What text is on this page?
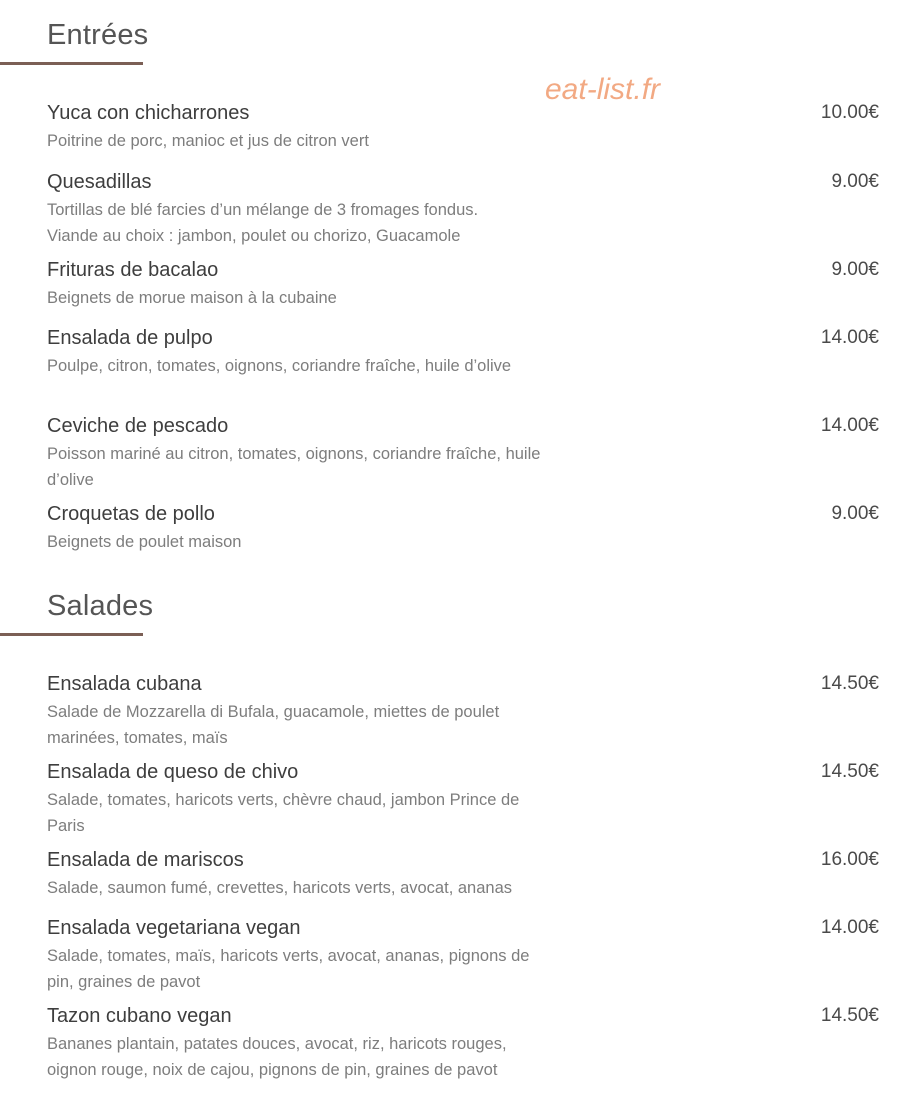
eat-list.fr
Entrées
Yuca con chicharrones	10.00€
Poitrine de porc, manioc et jus de citron vert
Quesadillas	9.00€
Tortillas de blé farcies d’un mélange de 3 fromages fondus. Viande au choix : jambon, poulet ou chorizo, Guacamole
Frituras de bacalao	9.00€
Beignets de morue maison à la cubaine
Ensalada de pulpo	14.00€
Poulpe, citron, tomates, oignons, coriandre fraîche, huile d’olive
Ceviche de pescado	14.00€
Poisson mariné au citron, tomates, oignons, coriandre fraîche, huile d’olive
Croquetas de pollo	9.00€
Beignets de poulet maison
Salades
Ensalada cubana	14.50€
Salade de Mozzarella di Bufala, guacamole, miettes de poulet marinées, tomates, maïs
Ensalada de queso de chivo	14.50€
Salade, tomates, haricots verts, chèvre chaud, jambon Prince de Paris
Ensalada de mariscos	16.00€
Salade, saumon fumé, crevettes, haricots verts, avocat, ananas
Ensalada vegetariana vegan	14.00€
Salade, tomates, maïs, haricots verts, avocat, ananas, pignons de pin, graines de pavot
Tazon cubano vegan	14.50€
Bananes plantain, patates douces, avocat, riz, haricots rouges, oignon rouge, noix de cajou, pignons de pin, graines de pavot
